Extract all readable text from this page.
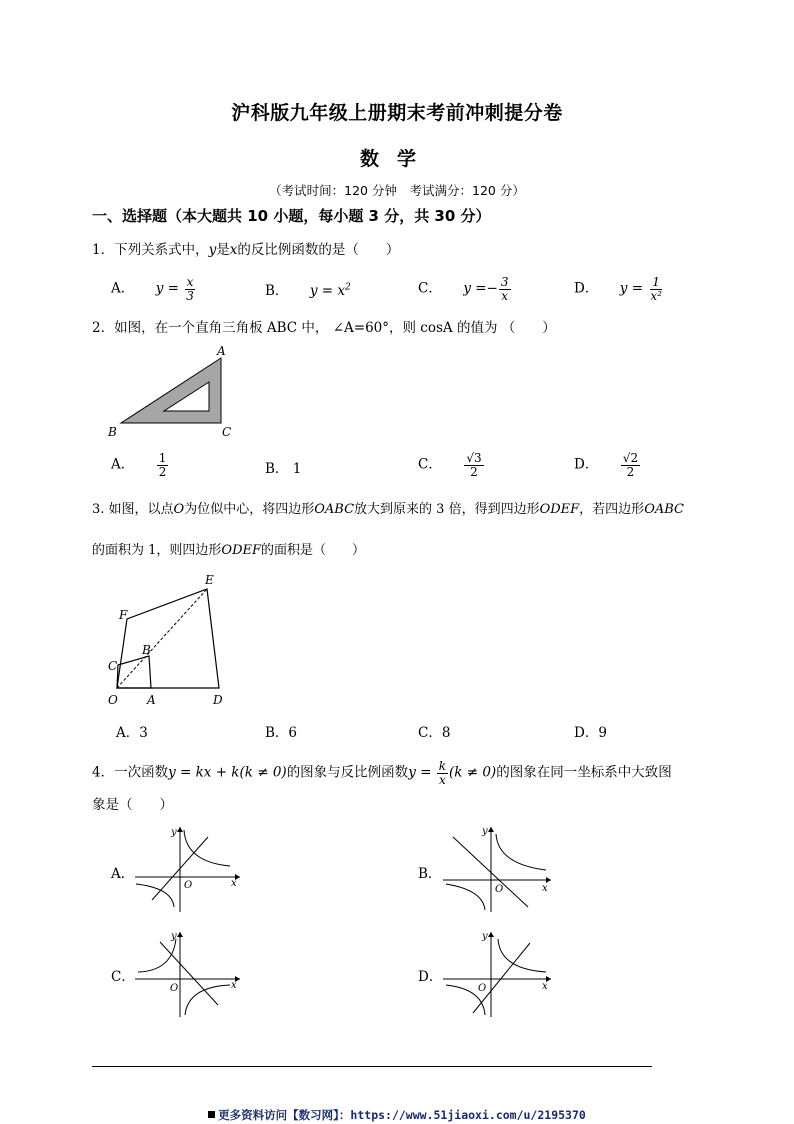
沪科版九年级上册期末考前冲刺提分卷
数学
（考试时间：120 分钟　考试满分：120 分）
一、选择题（本大题共 10 小题，每小题 3 分，共 30 分）
1．下列关系式中，y是x的反比例函数的是（　　）
A． $y = \frac{x}{3}$	B． $y = x^2$	C． $y =- \frac{3}{x}$	D． $y = \frac{1}{\text{x²}}$
2．如图，在一个直角三角板 ABC 中， ∠A=60°，则 cosA 的值为 （　　）
A
B	C
A． $\frac{1}{2}$	B． 1	C． $\frac{√3}{2}$	D． $\frac{√2}{2}$
3. 如图，以点O为位似中心，将四边形OABC放大到原来的 3 倍，得到四边形ODEF，若四边形OABC
的面积为 1，则四边形ODEF的面积是（　　）
E
F
B
C
O A	D
A．3	B．6	C．8	D．9
4．一次函数y = kx + k(k ≠ 0)的图象与反比例函数$y = \frac{k}{x} (k \ne 0)$的图象在同一坐标系中大致图
象是（　　）
A．
x
y
O
B．
x
y
O
C．
x
y
O
D．
x
y
O
更多资料访问【数习网】：https://www.51jiaoxi.com/u/2195370
